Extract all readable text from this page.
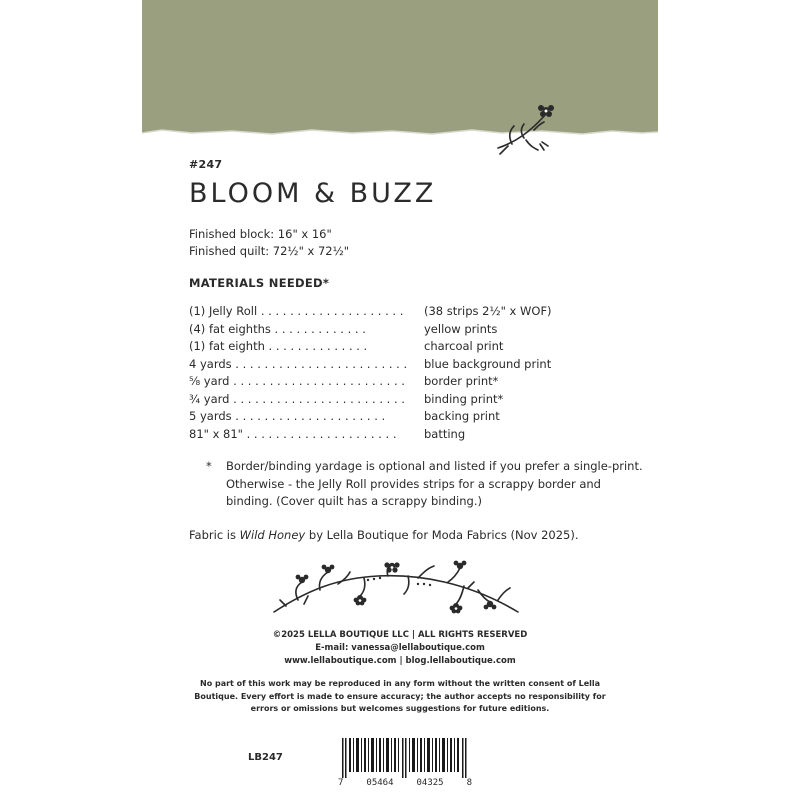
#247
BLOOM & BUZZ
Finished block: 16" x 16"
Finished quilt: 72½" x 72½"
MATERIALS NEEDED*
(1) Jelly Roll . . . . . . . . . . . . . . . . . . . .	(38 strips 2½" x WOF)
(4) fat eighths . . . . . . . . . . . . .	yellow prints
(1) fat eighth . . . . . . . . . . . . . .	charcoal print
4 yards . . . . . . . . . . . . . . . . . . . . . . . .	blue background print
⅝ yard . . . . . . . . . . . . . . . . . . . . . . . .	border print*
¾ yard . . . . . . . . . . . . . . . . . . . . . . . .	binding print*
5 yards . . . . . . . . . . . . . . . . . . . . .	backing print
81" x 81" . . . . . . . . . . . . . . . . . . . . .	batting
* Border/binding yardage is optional and listed if you prefer a single-print. Otherwise - the Jelly Roll provides strips for a scrappy border and binding. (Cover quilt has a scrappy binding.)
Fabric is Wild Honey by Lella Boutique for Moda Fabrics (Nov 2025).
©2025 LELLA BOUTIQUE LLC | ALL RIGHTS RESERVED
E-mail: vanessa@lellaboutique.com
www.lellaboutique.com | blog.lellaboutique.com
No part of this work may be reproduced in any form without the written consent of Lella Boutique. Every effort is made to ensure accuracy; the author accepts no responsibility for errors or omissions but welcomes suggestions for future editions.
LB247
7	05464	04325	8
